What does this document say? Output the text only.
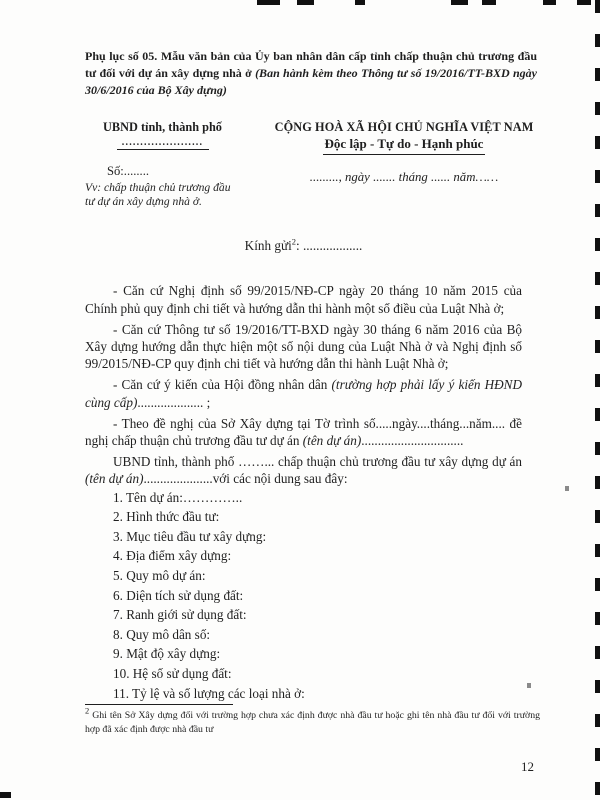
Phụ lục số 05. Mẫu văn bản của Ủy ban nhân dân cấp tỉnh chấp thuận chủ trương đầu tư đối với dự án xây dựng nhà ở (Ban hành kèm theo Thông tư số 19/2016/TT-BXD ngày 30/6/2016 của Bộ Xây dựng)

UBND tỉnh, thành phố
......................
Số:........
Vv: chấp thuận chủ trương đầu tư dự án xây dựng nhà ở.
CỘNG HOÀ XÃ HỘI CHỦ NGHĨA VIỆT NAM
Độc lập - Tự do - Hạnh phúc
........., ngày ....... tháng ...... năm……
Kính gửi$^2$: ..................

- Căn cứ Nghị định số 99/2015/NĐ-CP ngày 20 tháng 10 năm 2015 của Chính phủ quy định chi tiết và hướng dẫn thi hành một số điều của Luật Nhà ở;

- Căn cứ Thông tư số 19/2016/TT-BXD ngày 30 tháng 6 năm 2016 của Bộ Xây dựng hướng dẫn thực hiện một số nội dung của Luật Nhà ở và Nghị định số 99/2015/NĐ-CP quy định chi tiết và hướng dẫn thi hành Luật Nhà ở;

- Căn cứ ý kiến của Hội đồng nhân dân (trường hợp phải lấy ý kiến HĐND cùng cấp).................... ;

- Theo đề nghị của Sở Xây dựng tại Tờ trình số.....ngày....tháng...năm.... đề nghị chấp thuận chủ trương đầu tư dự án (tên dự án)...............................

UBND tỉnh, thành phố ……... chấp thuận chủ trương đầu tư xây dựng dự án (tên dự án).....................với các nội dung sau đây:

1. Tên dự án:…………..
2. Hình thức đầu tư:
3. Mục tiêu đầu tư xây dựng:
4. Địa điểm xây dựng:
5. Quy mô dự án:
6. Diện tích sử dụng đất:
7. Ranh giới sử dụng đất:
8. Quy mô dân số:
9. Mật độ xây dựng:
10. Hệ số sử dụng đất:
11. Tỷ lệ và số lượng các loại nhà ở:
$^2$ Ghi tên Sở Xây dựng đối với trường hợp chưa xác định được nhà đầu tư hoặc ghi tên nhà đầu tư đối với trường hợp đã xác định được nhà đầu tư
12
